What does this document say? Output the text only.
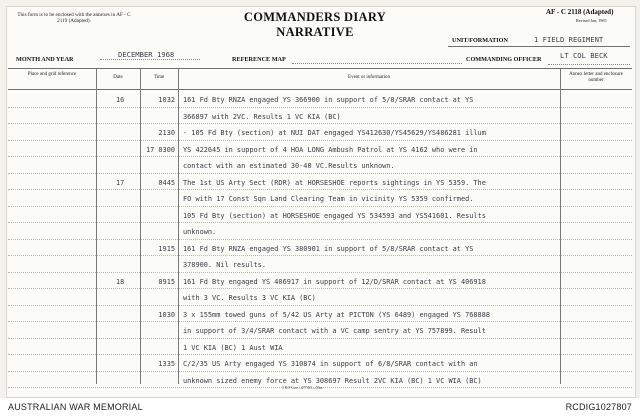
This form is to be enclosed with the annexes in AF - C 2119 (Adapted).	COMMANDERS DIARY NARRATIVE
AF - C 2118 (Adapted)
Revised Jan, 1965
UNIT/FORMATION	1 FIELD REGIMENT
MONTH AND YEAR
DECEMBER 1968
REFERENCE MAP	COMMANDING OFFICER	LT COL BECK
Place and grid reference
Date	Time	Event or information
Annex letter and enclosure number
16	1032 161 Fd Bty RNZA engaged YS 366900 in support of 5/8/SRAR contact at YS
366897 with 2VC. Results 1 VC KIA (BC)
2130 - 105 Fd Bty (section) at NUI DAT engaged YS412630/YS45629/YS486281 illum
17 0300 YS 422645 in support of 4 HOA LONG Ambush Patrol at YS 4162 who were in
contact with an estimated 30-40 VC.Results unknown.
17	0445 The 1st US Arty Sect (RDR) at HORSESHOE reports sightings in YS 5359. The
FO with 17 Const Sqn Land Clearing Team in vicinity YS 5359 confirmed.
105 Fd Bty (section) at HORSESHOE engaged YS 534593 and YS541601. Results
unknown.
1915 161 Fd Bty RNZA engaged YS 380901 in support of 5/8/SRAR contact at YS
378900. Nil results.
18	0915 161 Fd Bty engaged YS 406917 in support of 12/D/SRAR contact at YS 406918
with 3 VC. Results 3 VC KIA (BC)
1030 3 x 155mm towed guns of 5/42 US Arty at PICTON (YS 6489) engaged YS 768888
in support of 3/4/SRAR contact with a VC camp sentry at YS 757899. Result
1 VC KIA (BC) 1 Aust WIA
1335 C/2/35 US Arty engaged YS 310874 in support of 6/8/SRAR contact with an
unknown sized enemy force at YS 308697 Result 2VC KIA (BC) 1 VC WIA (BC)
1 B P Cov—277/65—55m
AUSTRALIAN WAR MEMORIAL	RCDIG1027807
